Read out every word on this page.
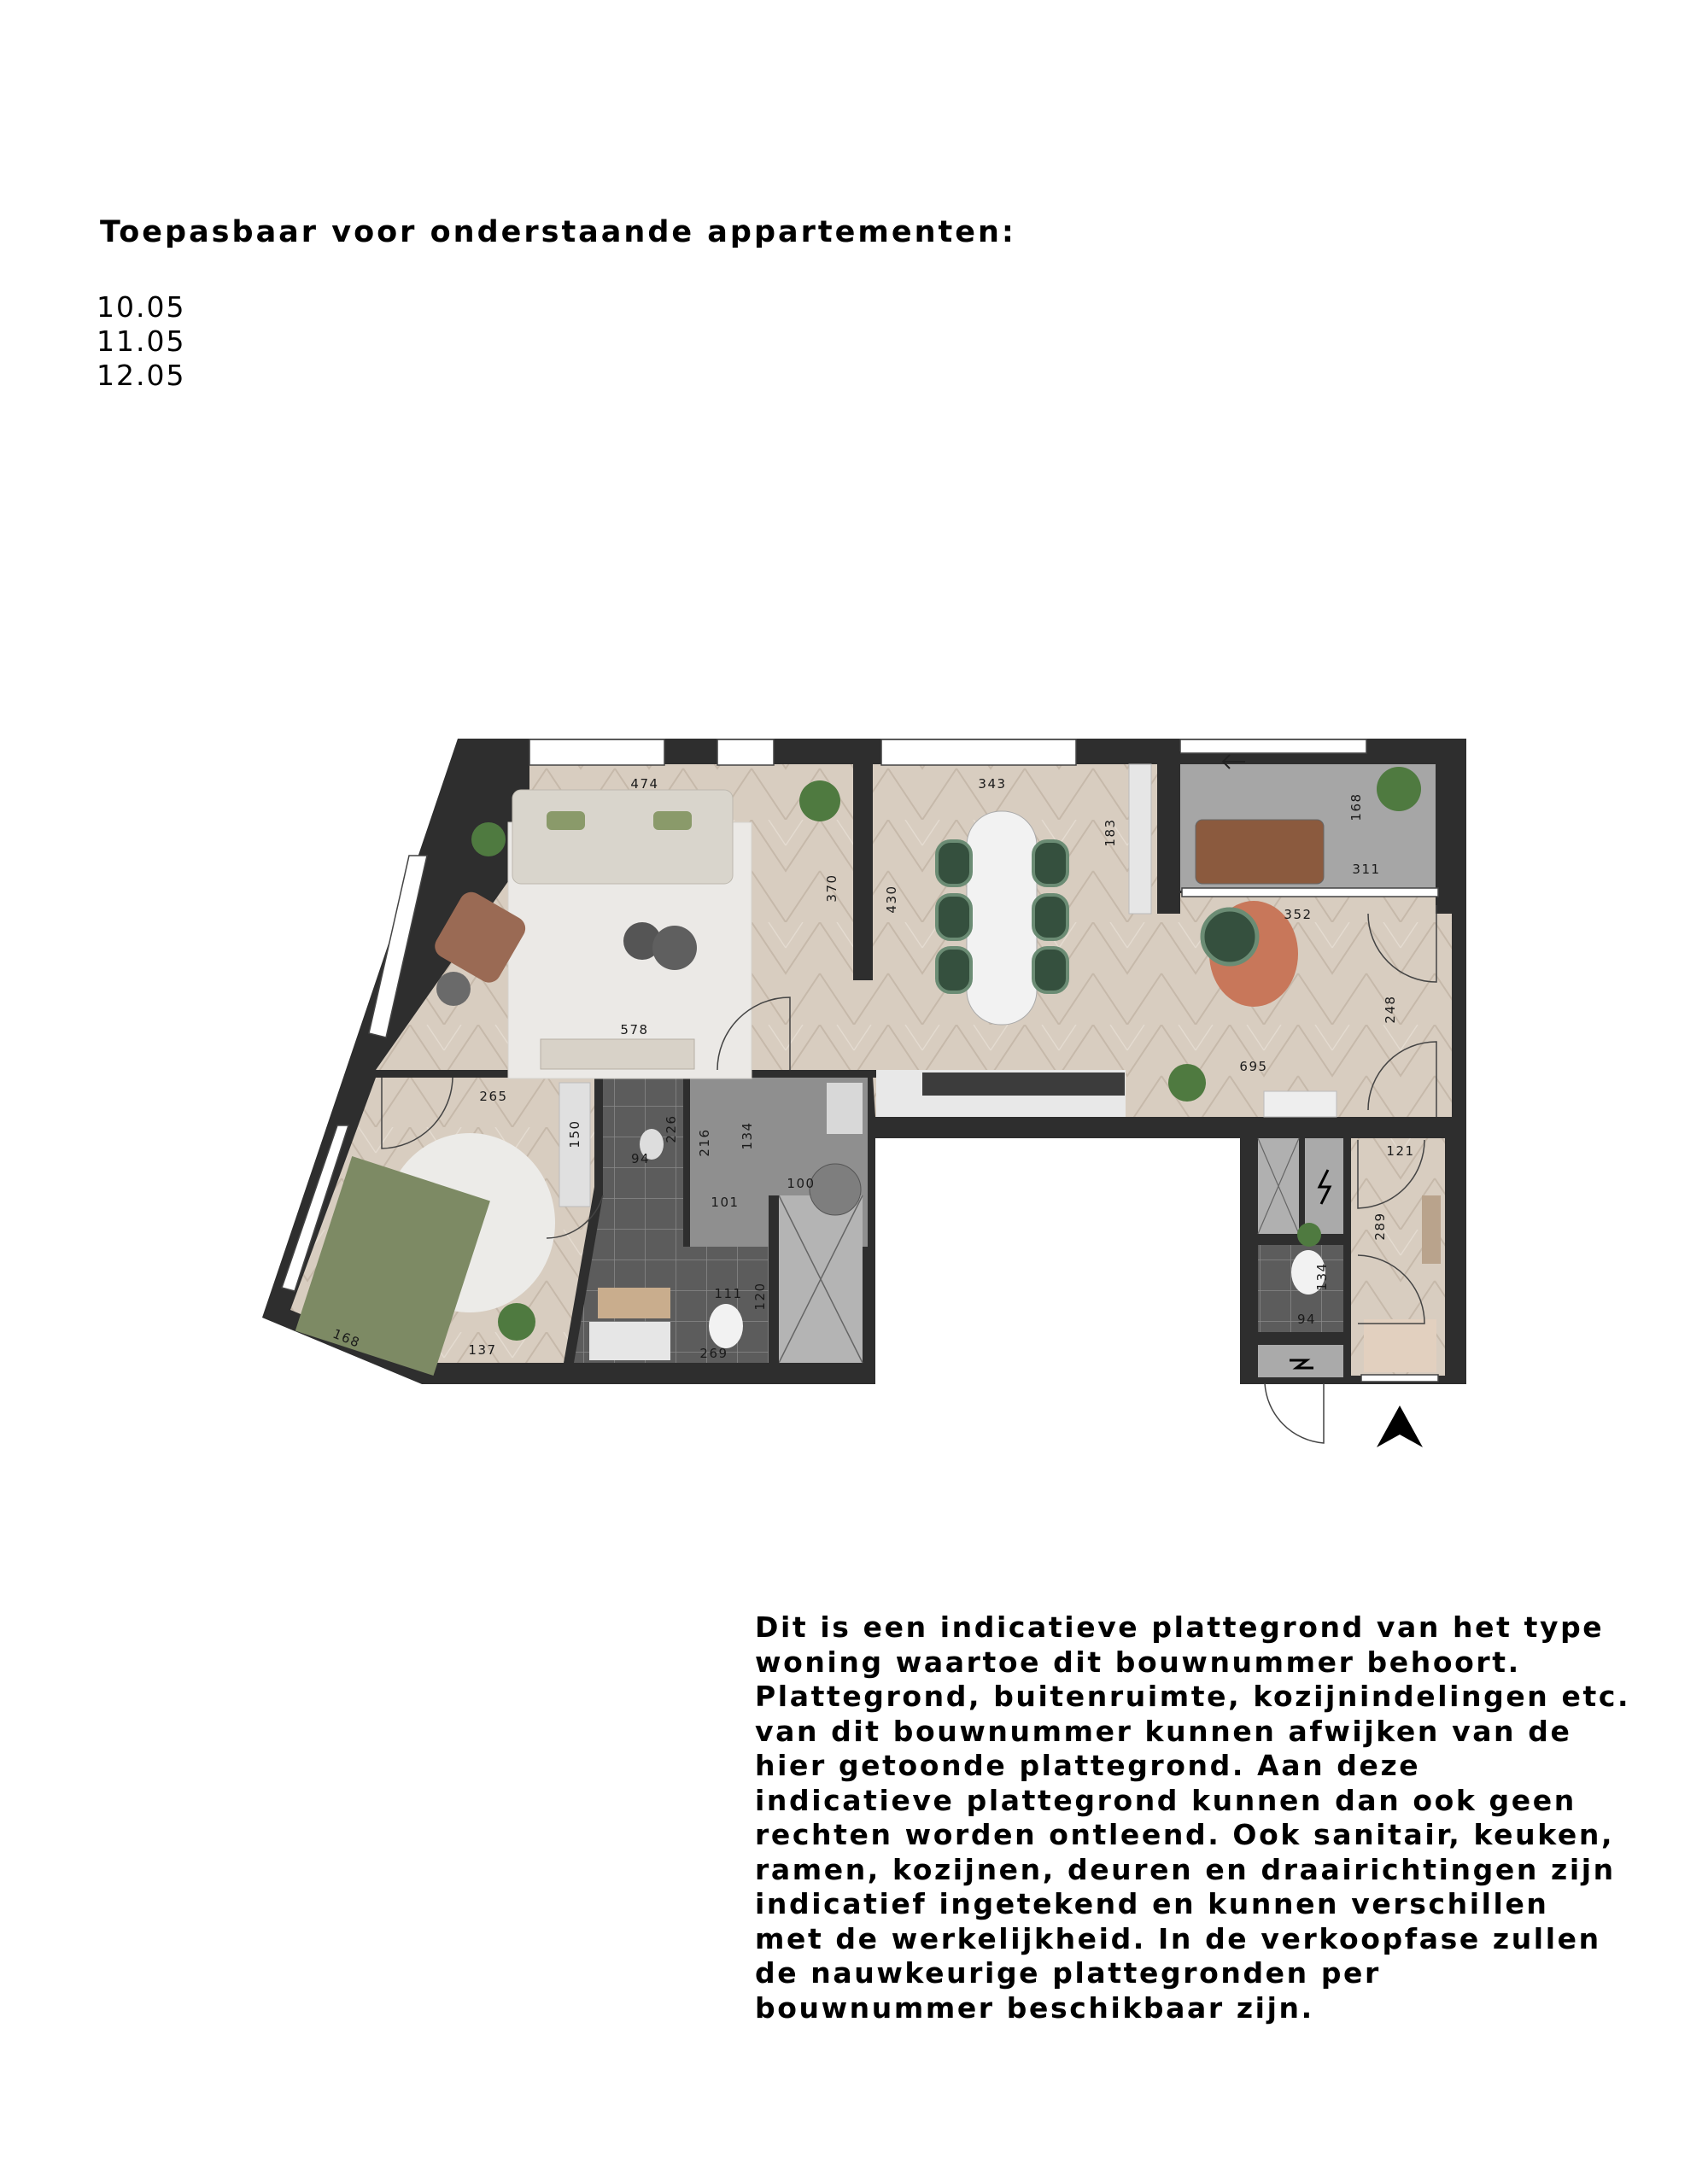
Toepasbaar voor onderstaande appartementen:
10.05
11.05
12.05
474
578
370
343
430
183
168
311
352
248
695
265
150
168	137
226
94
216 134
100
101
111 120
269
121
289
134
94
Dit is een indicatieve plattegrond van het type
woning waartoe dit bouwnummer behoort.
Plattegrond, buitenruimte, kozijnindelingen etc.
van dit bouwnummer kunnen afwijken van de
hier getoonde plattegrond. Aan deze
indicatieve plattegrond kunnen dan ook geen
rechten worden ontleend. Ook sanitair, keuken,
ramen, kozijnen, deuren en draairichtingen zijn
indicatief ingetekend en kunnen verschillen
met de werkelijkheid. In de verkoopfase zullen
de nauwkeurige plattegronden per
bouwnummer beschikbaar zijn.
